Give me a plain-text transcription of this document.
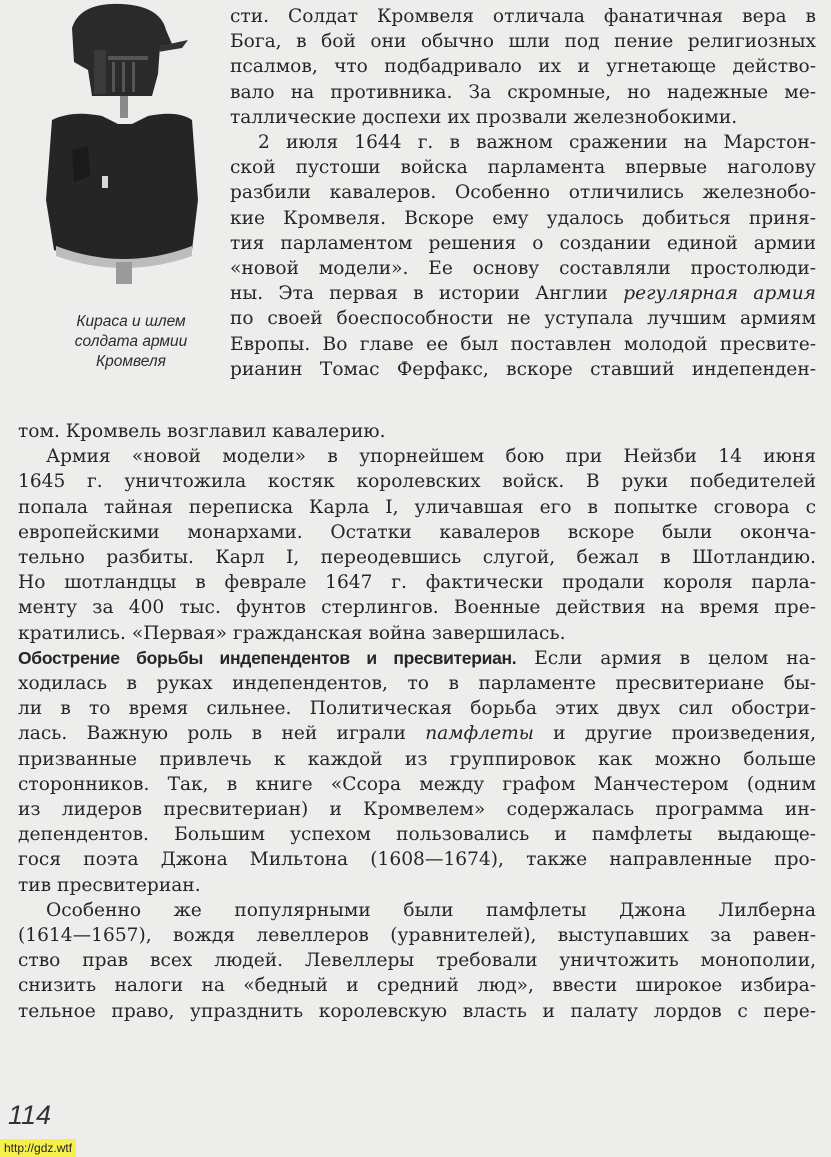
Кираса и шлем
солдата армии
Кромвеля
сти. Солдат Кромвеля отличала фанатичная вера в
Бога, в бой они обычно шли под пение религиозных
псалмов, что подбадривало их и угнетающе действо-
вало на противника. За скромные, но надежные ме-
таллические доспехи их прозвали железнобокими.
2 июля 1644 г. в важном сражении на Марстон-
ской пустоши войска парламента впервые наголову
разбили кавалеров. Особенно отличились железнобо-
кие Кромвеля. Вскоре ему удалось добиться приня-
тия парламентом решения о создании единой армии
«новой модели». Ее основу составляли простолюди-
ны. Эта первая в истории Англии регулярная армия
по своей боеспособности не уступала лучшим армиям
Европы. Во главе ее был поставлен молодой пресвите-
рианин Томас Ферфакс, вскоре ставший индепенден-
том. Кромвель возглавил кавалерию.
Армия «новой модели» в упорнейшем бою при Нейзби 14 июня
1645 г. уничтожила костяк королевских войск. В руки победителей
попала тайная переписка Карла I, уличавшая его в попытке сговора с
европейскими монархами. Остатки кавалеров вскоре были оконча-
тельно разбиты. Карл I, переодевшись слугой, бежал в Шотландию.
Но шотландцы в феврале 1647 г. фактически продали короля парла-
менту за 400 тыс. фунтов стерлингов. Военные действия на время пре-
кратились. «Первая» гражданская война завершилась.
Обострение борьбы индепендентов и пресвитериан. Если армия в целом на-
ходилась в руках индепендентов, то в парламенте пресвитериане бы-
ли в то время сильнее. Политическая борьба этих двух сил обостри-
лась. Важную роль в ней играли памфлеты и другие произведения,
призванные привлечь к каждой из группировок как можно больше
сторонников. Так, в книге «Ссора между графом Манчестером (одним
из лидеров пресвитериан) и Кромвелем» содержалась программа ин-
депендентов. Большим успехом пользовались и памфлеты выдающе-
гося поэта Джона Мильтона (1608—1674), также направленные про-
тив пресвитериан.
Особенно же популярными были памфлеты Джона Лилберна
(1614—1657), вождя левеллеров (уравнителей), выступавших за равен-
ство прав всех людей. Левеллеры требовали уничтожить монополии,
снизить налоги на «бедный и средний люд», ввести широкое избира-
тельное право, упразднить королевскую власть и палату лордов с пере-
114
http://gdz.wtf
